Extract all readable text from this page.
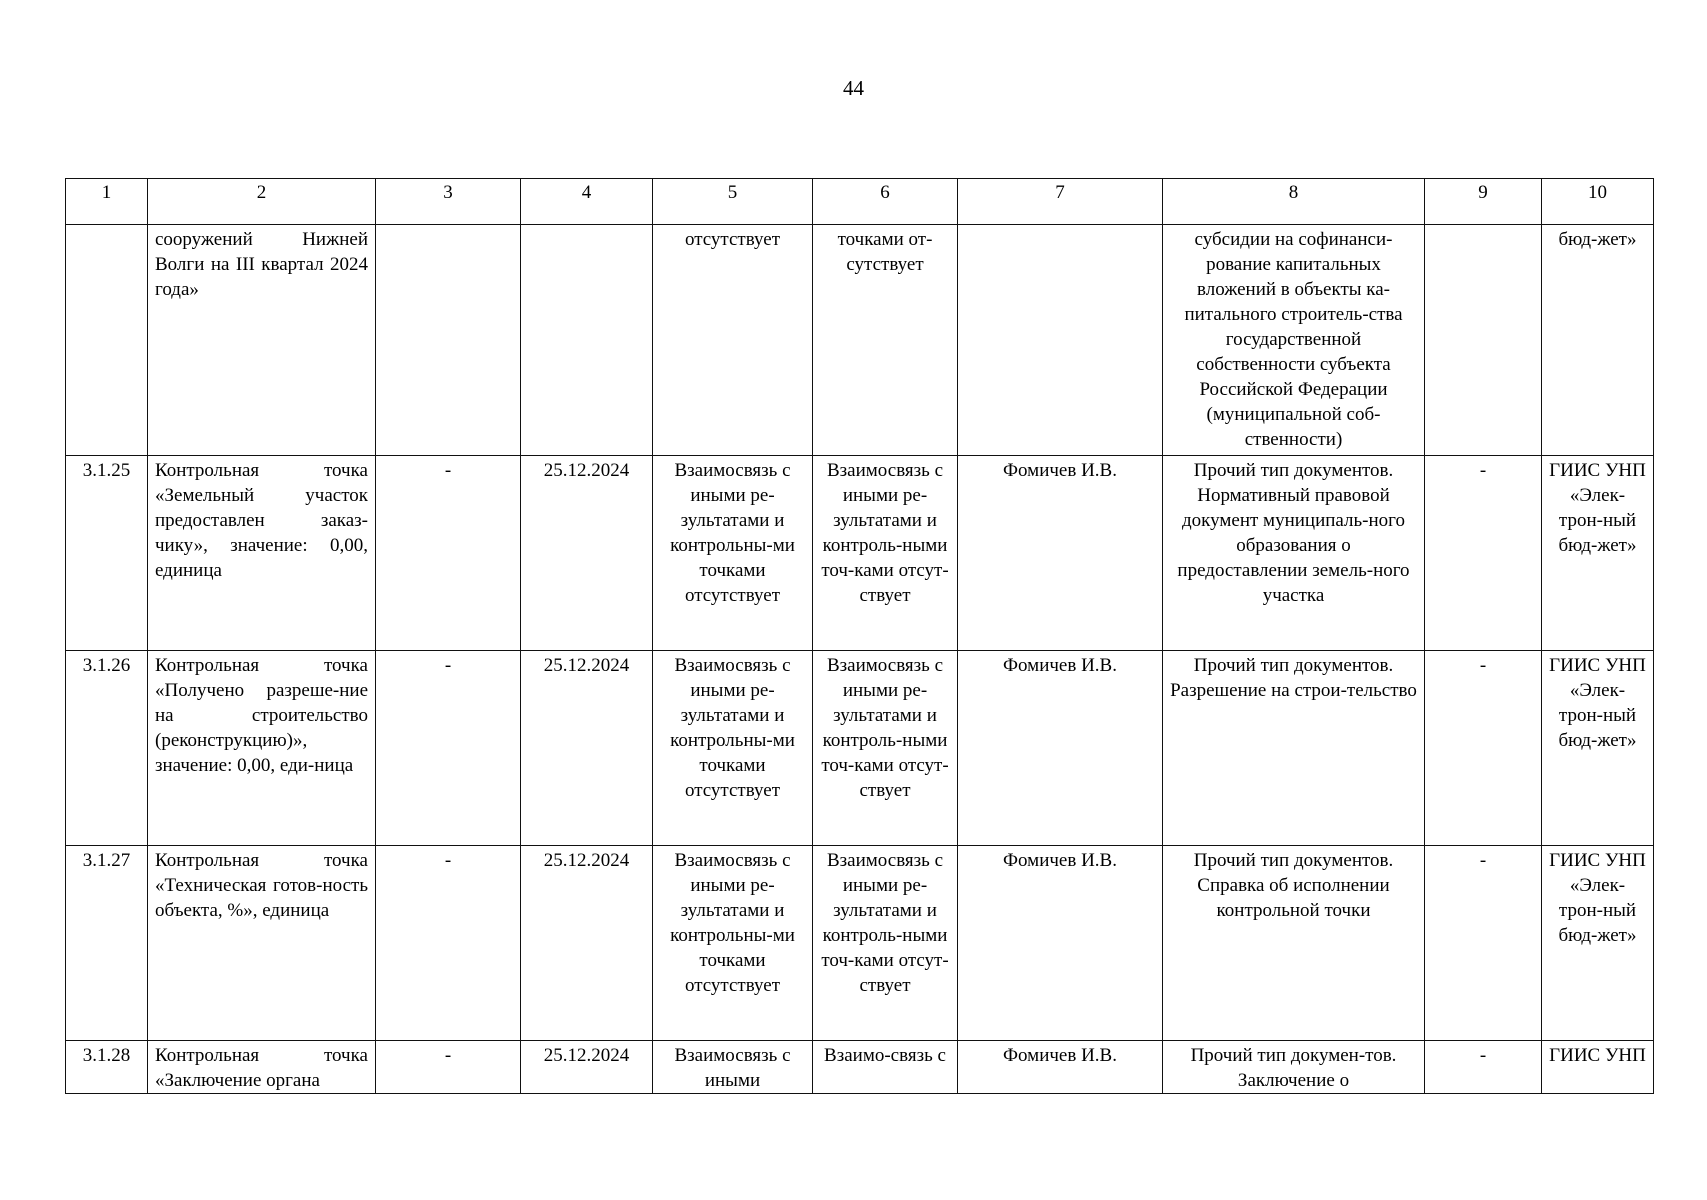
44
1	2	3	4	5	6	7	8	9	10
	сооружений Нижней Волги на III квартал 2024 года»			отсутствует	точками от-сутствует		субсидии на софинанси-рование капитальных вложений в объекты ка-питального строитель-ства государственной собственности субъекта Российской Федерации (муниципальной соб-ственности)		бюд-жет»
3.1.25	Контрольная точка «Земельный участок предоставлен заказ-чику», значение: 0,00, единица	-	25.12.2024	Взаимосвязь с иными ре-зультатами и контрольны-ми точками отсутствует	Взаимосвязь с иными ре-зультатами и контроль-ными точ-ками отсут-ствует	Фомичев И.В.	Прочий тип документов. Нормативный правовой документ муниципаль-ного образования о предоставлении земель-ного участка	-	ГИИС УНП «Элек-трон-ный бюд-жет»
3.1.26	Контрольная точка «Получено разреше-ние на строительство (реконструкцию)», значение: 0,00, еди-ница	-	25.12.2024	Взаимосвязь с иными ре-зультатами и контрольны-ми точками отсутствует	Взаимосвязь с иными ре-зультатами и контроль-ными точ-ками отсут-ствует	Фомичев И.В.	Прочий тип документов. Разрешение на строи-тельство	-	ГИИС УНП «Элек-трон-ный бюд-жет»
3.1.27	Контрольная точка «Техническая готов-ность объекта, %», единица	-	25.12.2024	Взаимосвязь с иными ре-зультатами и контрольны-ми точками отсутствует	Взаимосвязь с иными ре-зультатами и контроль-ными точ-ками отсут-ствует	Фомичев И.В.	Прочий тип документов. Справка об исполнении контрольной точки	-	ГИИС УНП «Элек-трон-ный бюд-жет»
3.1.28	Контрольная точка «Заключение органа	-	25.12.2024	Взаимосвязь с иными	Взаимо-связь с	Фомичев И.В.	Прочий тип докумен-тов. Заключение о	-	ГИИС УНП
